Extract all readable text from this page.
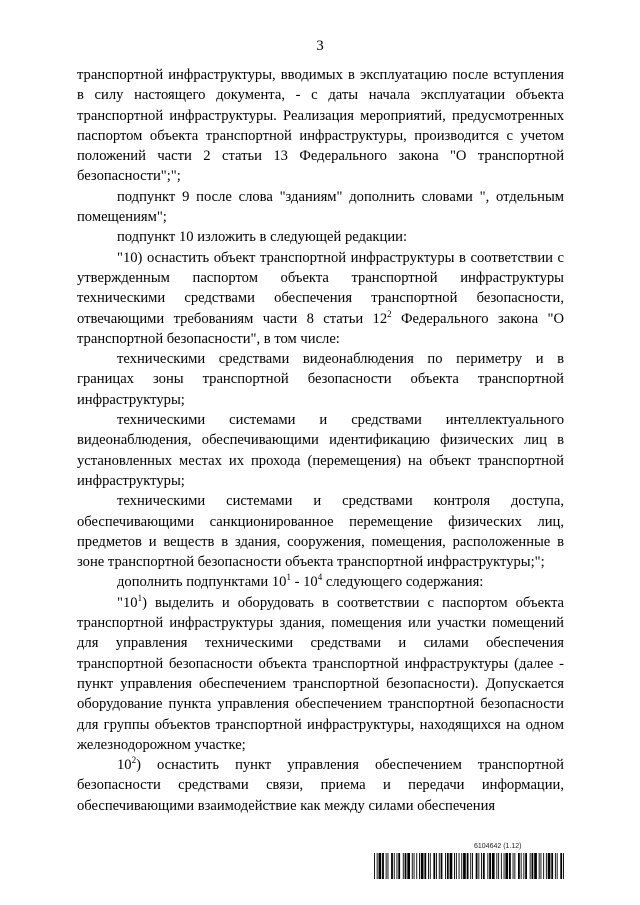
3

транспортной инфраструктуры, вводимых в эксплуатацию после вступления в силу настоящего документа, - с даты начала эксплуатации объекта транспортной инфраструктуры. Реализация мероприятий, предусмотренных паспортом объекта транспортной инфраструктуры, производится с учетом положений части 2 статьи 13 Федерального закона "О транспортной безопасности";";

подпункт 9 после слова "зданиям" дополнить словами ", отдельным помещениям";

подпункт 10 изложить в следующей редакции:

"10) оснастить объект транспортной инфраструктуры в соответствии с утвержденным паспортом объекта транспортной инфраструктуры техническими средствами обеспечения транспортной безопасности, отвечающими требованиям части 8 статьи $12^2$ Федерального закона "О транспортной безопасности", в том числе:

техническими средствами видеонаблюдения по периметру и в границах зоны транспортной безопасности объекта транспортной инфраструктуры;

техническими системами и средствами интеллектуального видеонаблюдения, обеспечивающими идентификацию физических лиц в установленных местах их прохода (перемещения) на объект транспортной инфраструктуры;

техническими системами и средствами контроля доступа, обеспечивающими санкционированное перемещение физических лиц, предметов и веществ в здания, сооружения, помещения, расположенные в зоне транспортной безопасности объекта транспортной инфраструктуры;";

дополнить подпунктами $10^1 - 10^4$ следующего содержания:

"$10^1$) выделить и оборудовать в соответствии с паспортом объекта транспортной инфраструктуры здания, помещения или участки помещений для управления техническими средствами и силами обеспечения транспортной безопасности объекта транспортной инфраструктуры (далее - пункт управления обеспечением транспортной безопасности). Допускается оборудование пункта управления обеспечением транспортной безопасности для группы объектов транспортной инфраструктуры, находящихся на одном железнодорожном участке;

$10^2$) оснастить пункт управления обеспечением транспортной безопасности средствами связи, приема и передачи информации, обеспечивающими взаимодействие как между силами обеспечения

6104642 (1.12)
